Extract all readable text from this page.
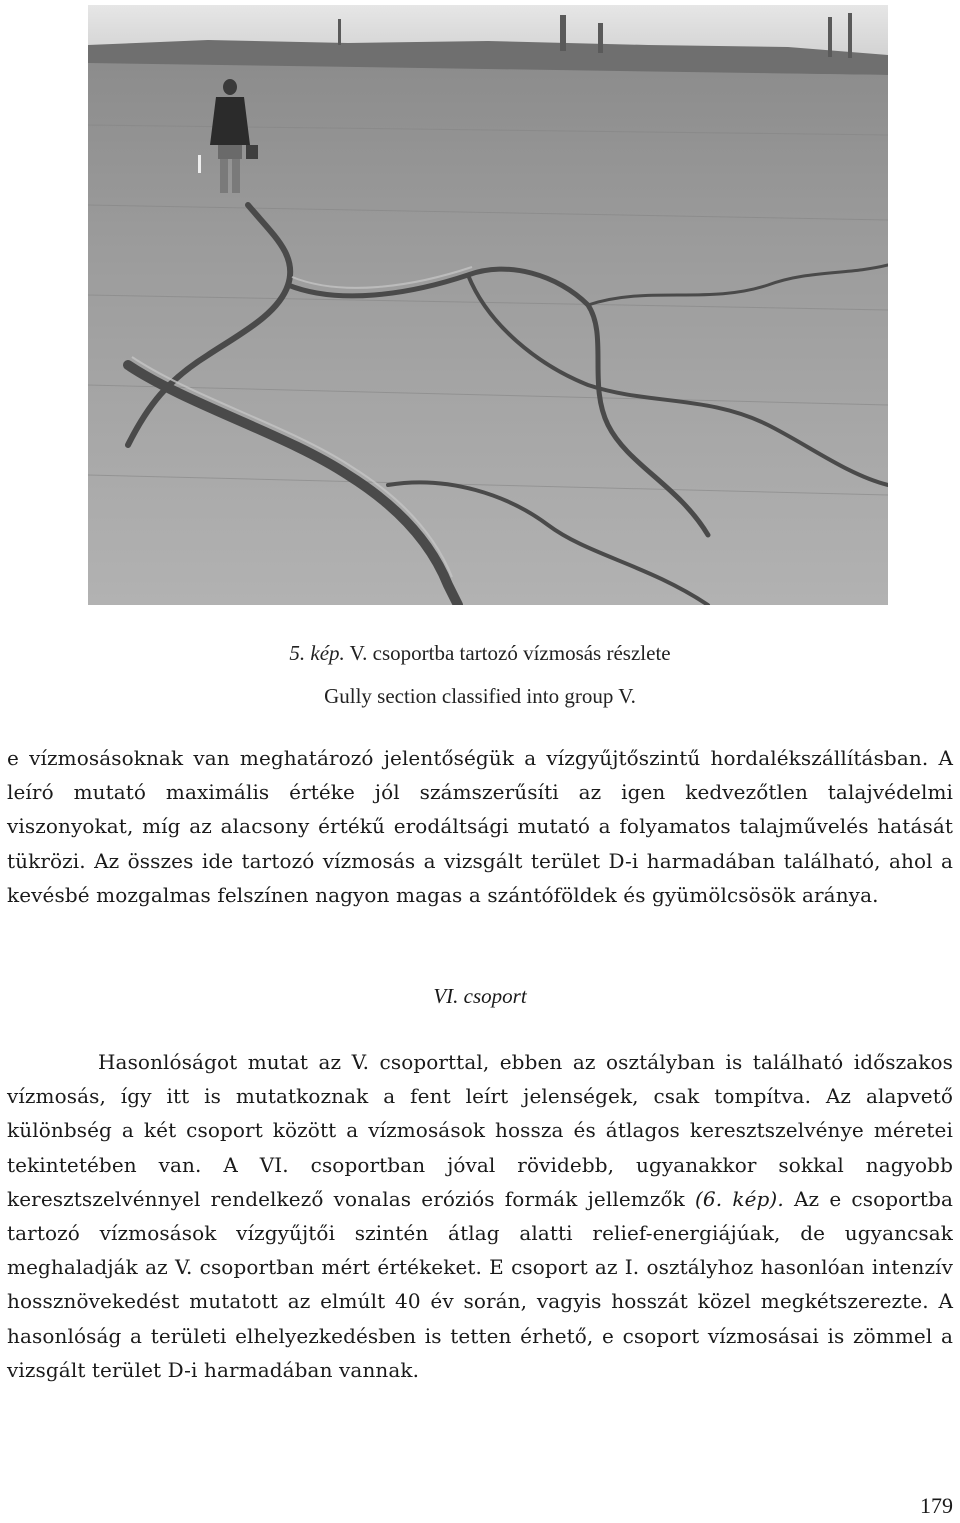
5. kép. V. csoportba tartozó vízmosás részlete
Gully section classified into group V.

e vízmosásoknak van meghatározó jelentőségük a vízgyűjtőszintű hordalékszállításban. A leíró mutató maximális értéke jól számszerűsíti az igen kedvezőtlen talajvédelmi viszonyokat, míg az alacsony értékű erodáltsági mutató a folyamatos talajművelés hatását tükrözi. Az összes ide tartozó vízmosás a vizsgált terület D-i harmadában található, ahol a kevésbé mozgalmas felszínen nagyon magas a szántóföldek és gyümölcsösök aránya.

VI. csoport

Hasonlóságot mutat az V. csoporttal, ebben az osztályban is található időszakos vízmosás, így itt is mutatkoznak a fent leírt jelenségek, csak tompítva. Az alapvető különbség a két csoport között a vízmosások hossza és átlagos keresztszelvénye méretei tekintetében van. A VI. csoportban jóval rövidebb, ugyanakkor sokkal nagyobb keresztszelvénnyel rendelkező vonalas eróziós formák jellemzők (6. kép). Az e csoportba tartozó vízmosások vízgyűjtői szintén átlag alatti relief-energiájúak, de ugyancsak meghaladják az V. csoportban mért értékeket. E csoport az I. osztályhoz hasonlóan intenzív hossznövekedést mutatott az elmúlt 40 év során, vagyis hosszát közel megkétszerezte. A hasonlóság a területi elhelyezkedésben is tetten érhető, e csoport vízmosásai is zömmel a vizsgált terület D-i harmadában vannak.

179
